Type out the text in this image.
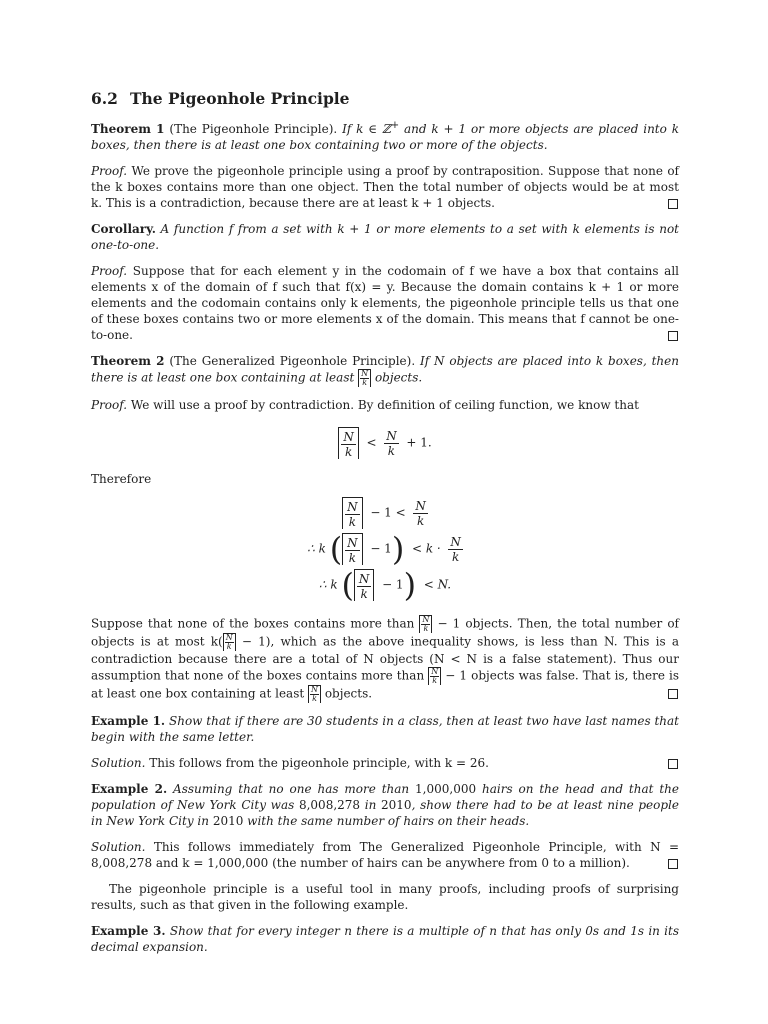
6.2 The Pigeonhole Principle

Theorem 1 (The Pigeonhole Principle). If k ∈ ℤ+ and k + 1 or more objects are placed into k boxes, then there is at least one box containing two or more of the objects.

Proof. We prove the pigeonhole principle using a proof by contraposition. Suppose that none of the k boxes contains more than one object. Then the total number of objects would be at most k. This is a contradiction, because there are at least k + 1 objects.

Corollary. A function f from a set with k + 1 or more elements to a set with k elements is not one-to-one.

Proof. Suppose that for each element y in the codomain of f we have a box that contains all elements x of the domain of f such that f(x) = y. Because the domain contains k + 1 or more elements and the codomain contains only k elements, the pigeonhole principle tells us that one of these boxes contains two or more elements x of the domain. This means that f cannot be one-to-one.

Theorem 2 (The Generalized Pigeonhole Principle). If N objects are placed into k boxes, then there is at least one box containing at least $\frac{N}{k}$ objects.

Proof. We will use a proof by contradiction. By definition of ceiling function, we know that

$\frac{N}{k} < \frac{N}{k} + 1$.

Therefore

$\frac{N}{k} - 1 < \frac{N}{k}$
∴ k ( $\frac{N}{k} - 1) < k \cdot \frac{N}{k}$
∴ k ( $\frac{N}{k} - 1) < N$.

Suppose that none of the boxes contains more than $\frac{N}{k} - 1$ objects. Then, the total number of objects is at most $k( \frac{N}{k} - 1)$, which as the above inequality shows, is less than N. This is a contradiction because there are a total of N objects (N < N is a false statement). Thus our assumption that none of the boxes contains more than $\frac{N}{k} - 1$ objects was false. That is, there is at least one box containing at least $\frac{N}{k}$ objects.

Example 1. Show that if there are 30 students in a class, then at least two have last names that begin with the same letter.

Solution. This follows from the pigeonhole principle, with k = 26.

Example 2. Assuming that no one has more than 1,000,000 hairs on the head and that the population of New York City was 8,008,278 in 2010, show there had to be at least nine people in New York City in 2010 with the same number of hairs on their heads.

Solution. This follows immediately from The Generalized Pigeonhole Principle, with N = 8,008,278 and k = 1,000,000 (the number of hairs can be anywhere from 0 to a million).

The pigeonhole principle is a useful tool in many proofs, including proofs of surprising results, such as that given in the following example.

Example 3. Show that for every integer n there is a multiple of n that has only 0s and 1s in its decimal expansion.
